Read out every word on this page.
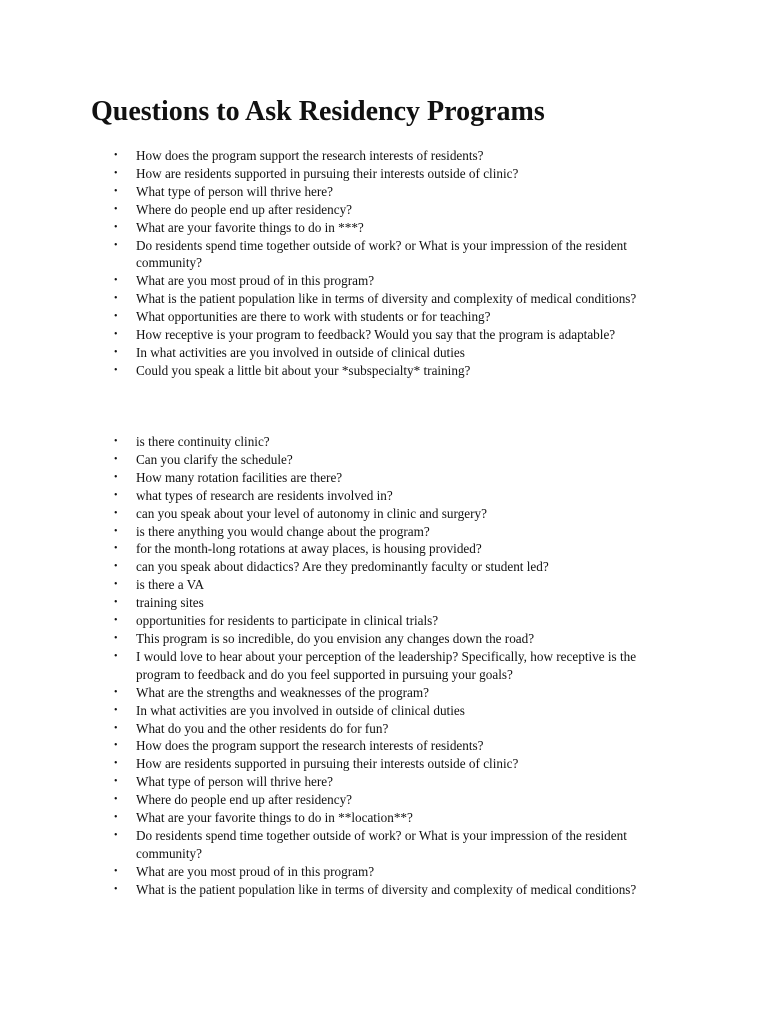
Questions to Ask Residency Programs
• How does the program support the research interests of residents?
• How are residents supported in pursuing their interests outside of clinic?
• What type of person will thrive here?
• Where do people end up after residency?
• What are your favorite things to do in ***?
• Do residents spend time together outside of work? or What is your impression of the resident community?
• What are you most proud of in this program?
• What is the patient population like in terms of diversity and complexity of medical conditions?
• What opportunities are there to work with students or for teaching?
• How receptive is your program to feedback? Would you say that the program is adaptable?
• In what activities are you involved in outside of clinical duties
• Could you speak a little bit about your *subspecialty* training?
• is there continuity clinic?
• Can you clarify the schedule?
• How many rotation facilities are there?
• what types of research are residents involved in?
• can you speak about your level of autonomy in clinic and surgery?
• is there anything you would change about the program?
• for the month-long rotations at away places, is housing provided?
• can you speak about didactics? Are they predominantly faculty or student led?
• is there a VA
• training sites
• opportunities for residents to participate in clinical trials?
• This program is so incredible, do you envision any changes down the road?
• I would love to hear about your perception of the leadership? Specifically, how receptive is the program to feedback and do you feel supported in pursuing your goals?
• What are the strengths and weaknesses of the program?
• In what activities are you involved in outside of clinical duties
• What do you and the other residents do for fun?
• How does the program support the research interests of residents?
• How are residents supported in pursuing their interests outside of clinic?
• What type of person will thrive here?
• Where do people end up after residency?
• What are your favorite things to do in **location**?
• Do residents spend time together outside of work? or What is your impression of the resident community?
• What are you most proud of in this program?
• What is the patient population like in terms of diversity and complexity of medical conditions?
